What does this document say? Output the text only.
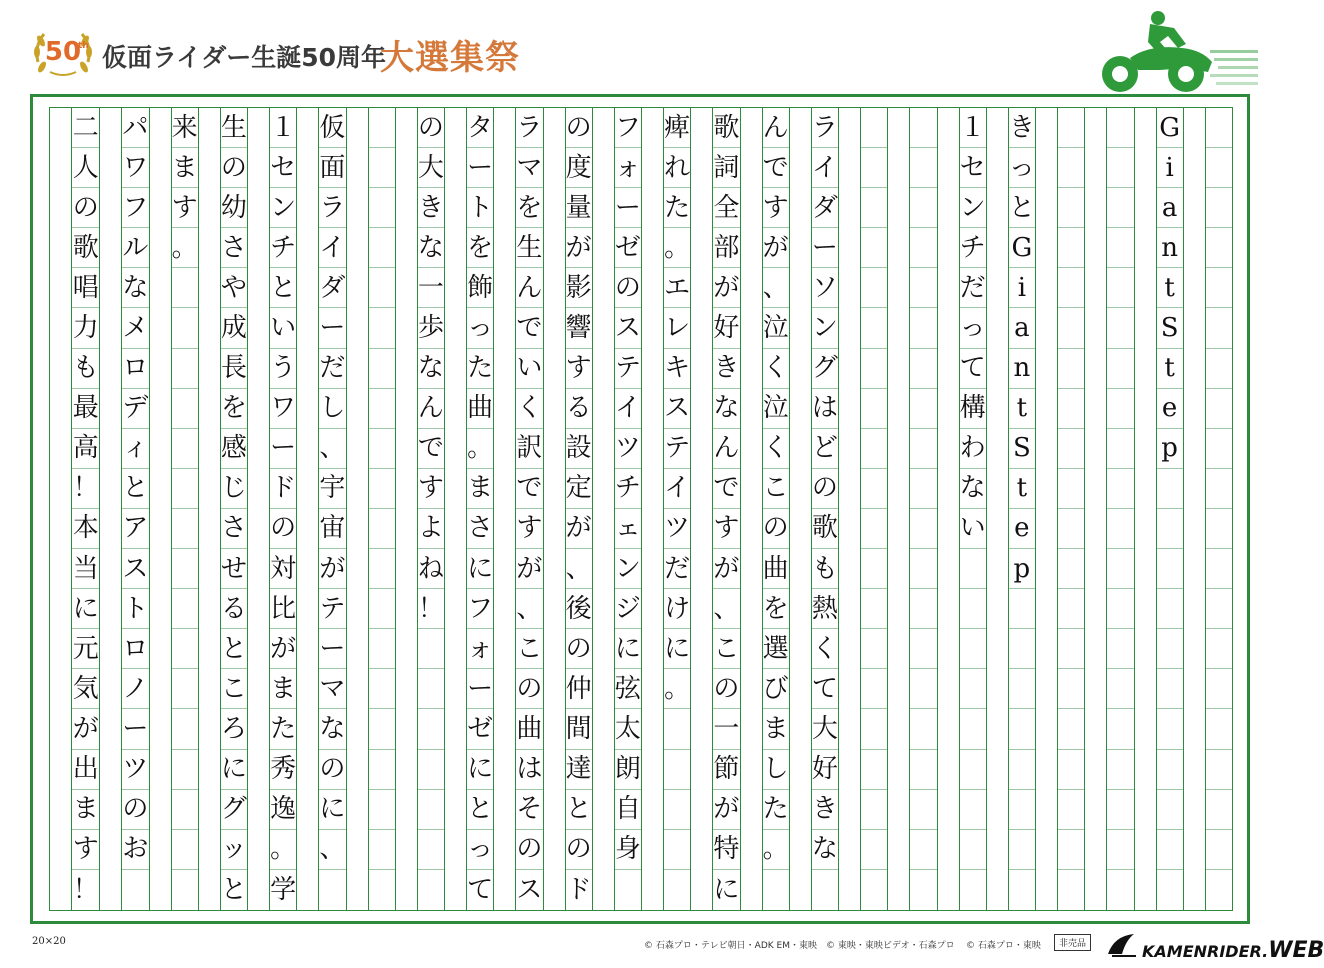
50
th 仮面ライダー生誕50周年
大選集祭
G
i
a
n
t
S
t
e
p
き
っ
と
G
i
a
n
t
S
t
e
p
１
セ
ン
チ
だ
っ
て
構
わ
な
い
ラ
イ
ダ
ー
ソ
ン
グ
は
ど
の
歌
も
熱
く
て
大
好
き
な
ん
で
す
が
、
泣
く
泣
く
こ
の
曲
を
選
び
ま
し
た
。
歌
詞
全
部
が
好
き
な
ん
で
す
が
、
こ
の
一
節
が
特
に
痺
れ
た
。
エ
レ
キ
ス
テ
イ
ツ
だ
け
に
。
フ
ォ
ー
ゼ
の
ス
テ
イ
ツ
チ
ェ
ン
ジ
に
弦
太
朗
自
身
の
度
量
が
影
響
す
る
設
定
が
、
後
の
仲
間
達
と
の
ド
ラ
マ
を
生
ん
で
い
く
訳
で
す
が
、
こ
の
曲
は
そ
の
ス
タ
ー
ト
を
飾
っ
た
曲
。
ま
さ
に
フ
ォ
ー
ゼ
に
と
っ
て
の
大
き
な
一
歩
な
ん
で
す
よ
ね
！
仮
面
ラ
イ
ダ
ー
だ
し
、
宇
宙
が
テ
ー
マ
な
の
に
、
１
セ
ン
チ
と
い
う
ワ
ー
ド
の
対
比
が
ま
た
秀
逸
。
学
生
の
幼
さ
や
成
長
を
感
じ
さ
せ
る
と
こ
ろ
に
グ
ッ
と
来
ま
す
。
パ
ワ
フ
ル
な
メ
ロ
デ
ィ
と
ア
ス
ト
ロ
ノ
ー
ツ
の
お
二
人
の
歌
唱
力
も
最
高
！
本
当
に
元
気
が
出
ま
す
！
20×20	© 石森プロ・テレビ朝日・ADK EM・東映 © 東映・東映ビデオ・石森プロ © 石森プロ・東映	非売品	KAMENRIDER.WEB
